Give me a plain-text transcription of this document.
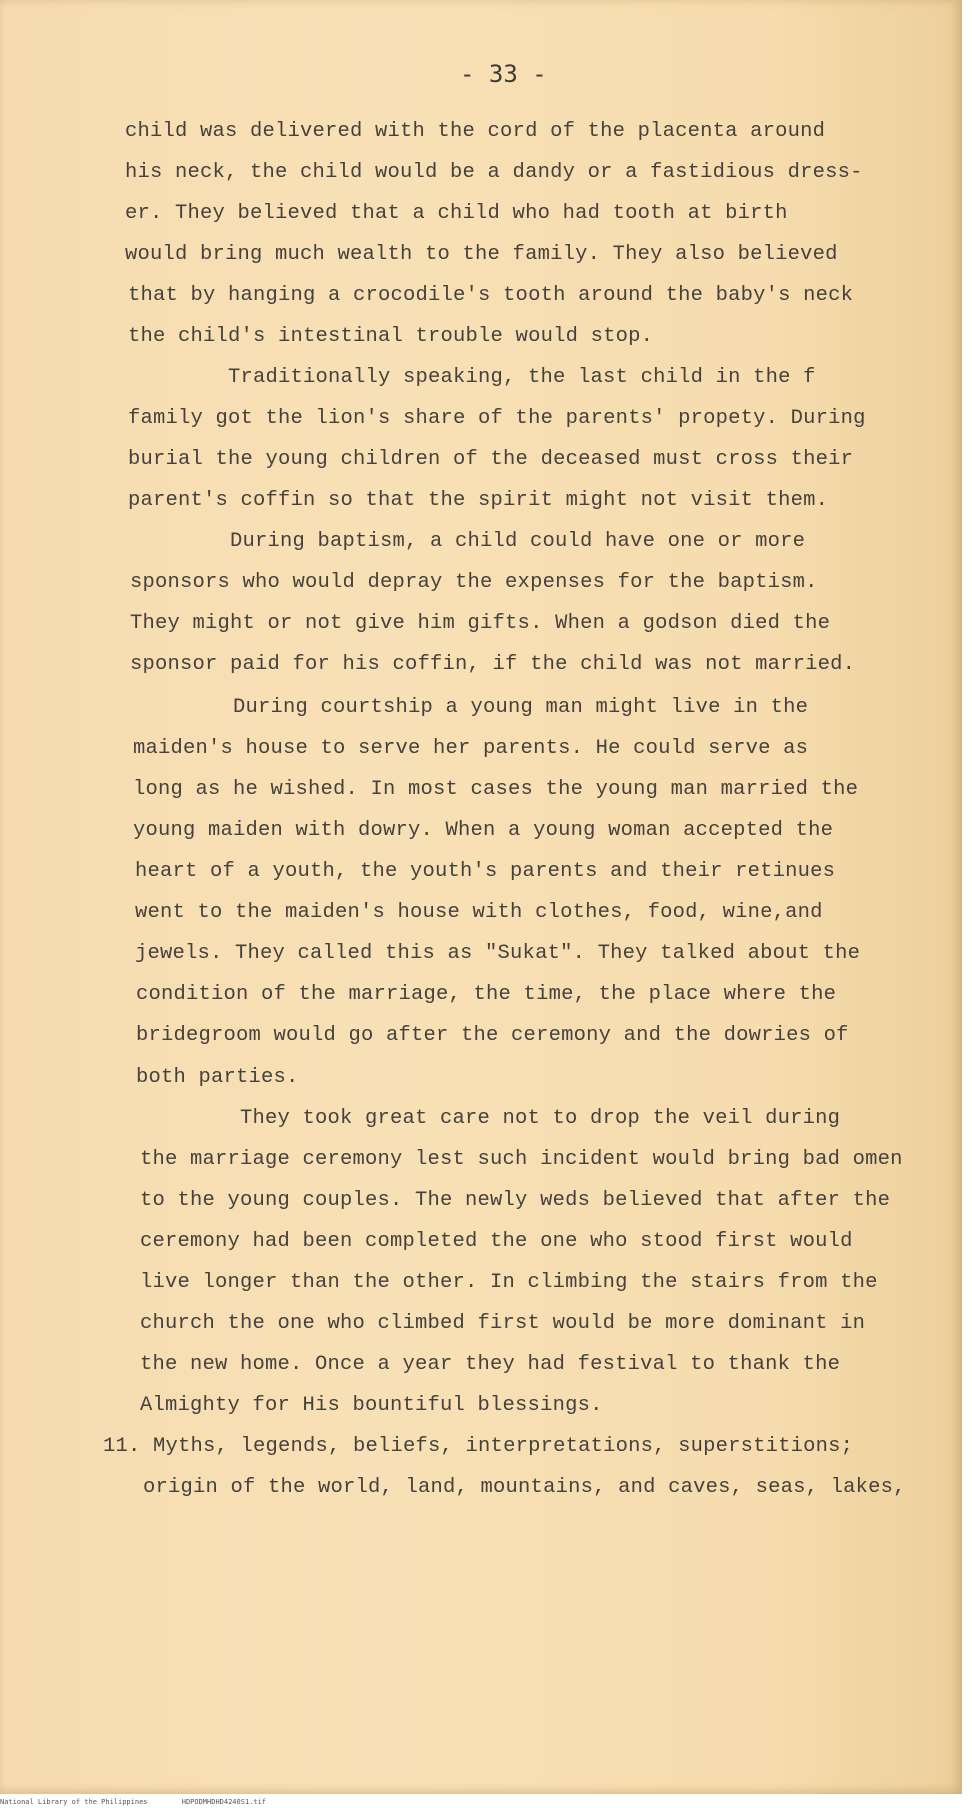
- 33 -
child was delivered with the cord of the placenta around
his neck, the child would be a dandy or a fastidious dress-
er. They believed that a child who had tooth at birth
would bring much wealth to the family. They also believed
that by hanging a crocodile's tooth around the baby's neck
the child's intestinal trouble would stop.
Traditionally speaking, the last child in the f
family got the lion's share of the parents' propety. During
burial the young children of the deceased must cross their
parent's coffin so that the spirit might not visit them.
During baptism, a child could have one or more
sponsors who would depray the expenses for the baptism.
They might or not give him gifts. When a godson died the
sponsor paid for his coffin, if the child was not married.
During courtship a young man might live in the
maiden's house to serve her parents. He could serve as
long as he wished. In most cases the young man married the
young maiden with dowry. When a young woman accepted the
heart of a youth, the youth's parents and their retinues
went to the maiden's house with clothes, food, wine,and
jewels. They called this as "Sukat". They talked about the
condition of the marriage, the time, the place where the
bridegroom would go after the ceremony and the dowries of
both parties.
They took great care not to drop the veil during
the marriage ceremony lest such incident would bring bad omen
to the young couples. The newly weds believed that after the
ceremony had been completed the one who stood first would
live longer than the other. In climbing the stairs from the
church the one who climbed first would be more dominant in
the new home. Once a year they had festival to thank the
Almighty for His bountiful blessings.
11. Myths, legends, beliefs, interpretations, superstitions;
origin of the world, land, mountains, and caves, seas, lakes,
National Library of the Philippines	HDPODMHDHD4240S1.tif
